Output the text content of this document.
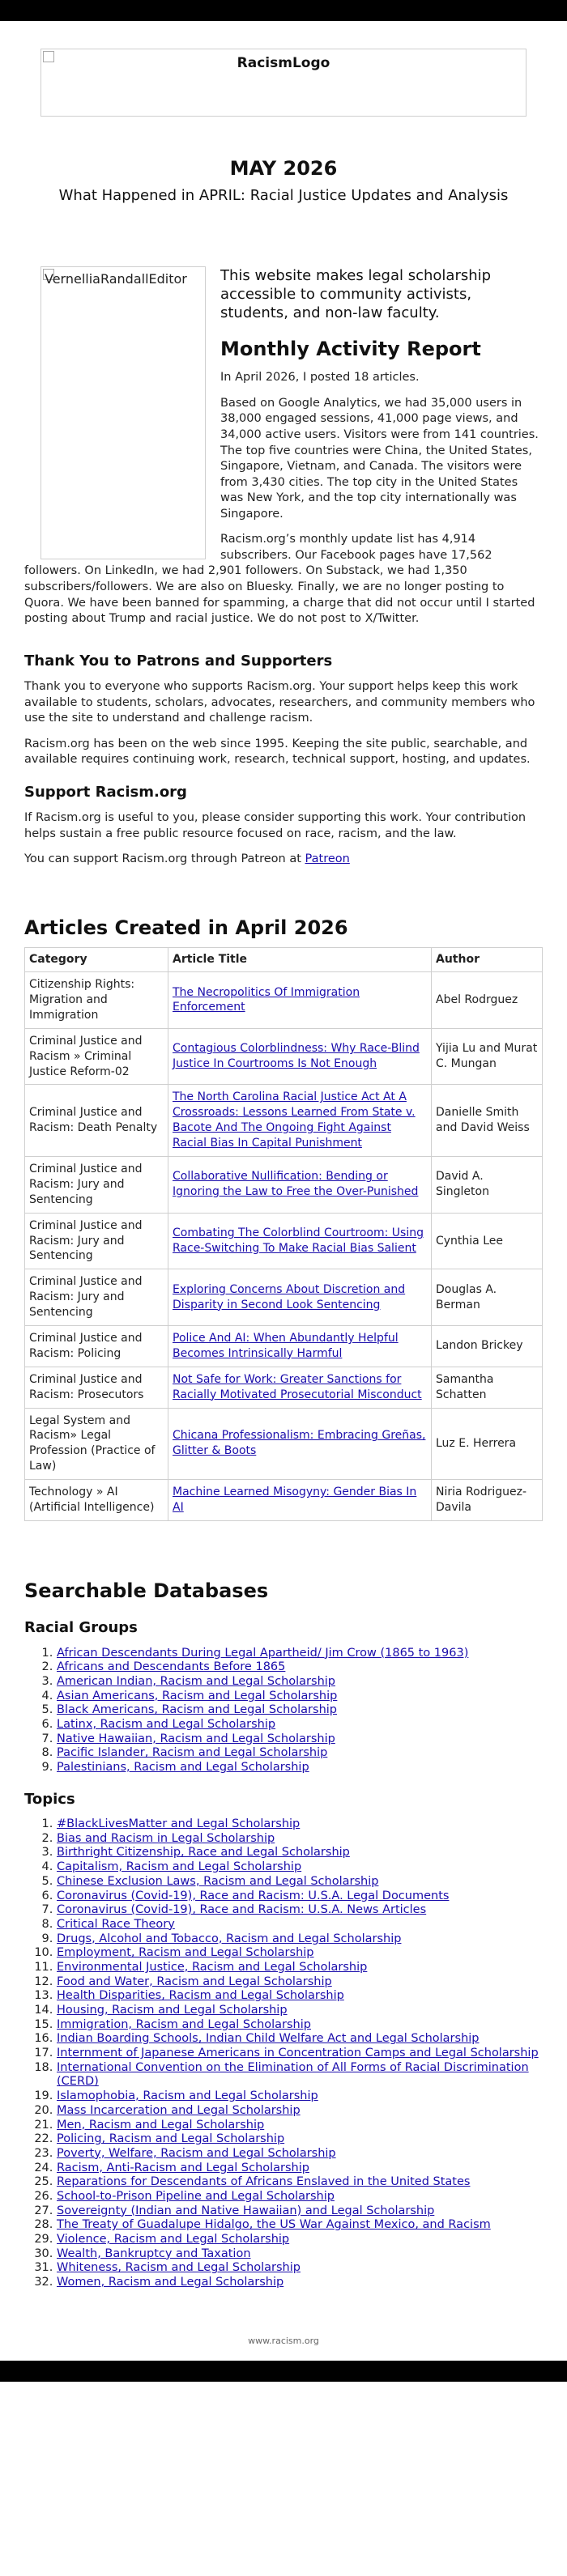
RacismLogo
MAY 2026
What Happened in APRIL: Racial Justice Updates and Analysis
VernelliaRandallEditor	This website makes legal scholarship accessible to community activists, students, and non-law faculty.
Monthly Activity Report

In April 2026, I posted 18 articles.

Based on Google Analytics, we had 35,000 users in 38,000 engaged sessions, 41,000 page views, and 34,000 active users. Visitors were from 141 countries. The top five countries were China, the United States, Singapore, Vietnam, and Canada. The visitors were from 3,430 cities. The top city in the United States was New York, and the top city internationally was Singapore.

Racism.org’s monthly update list has 4,914 subscribers. Our Facebook pages have 17,562 followers. On LinkedIn, we had 2,901 followers. On Substack, we had 1,350 subscribers/followers. We are also on Bluesky. Finally, we are no longer posting to Quora. We have been banned for spamming, a charge that did not occur until I started posting about Trump and racial justice. We do not post to X/Twitter.

Thank You to Patrons and Supporters

Thank you to everyone who supports Racism.org. Your support helps keep this work available to students, scholars, advocates, researchers, and community members who use the site to understand and challenge racism.

Racism.org has been on the web since 1995. Keeping the site public, searchable, and available requires continuing work, research, technical support, hosting, and updates.

Support Racism.org

If Racism.org is useful to you, please consider supporting this work. Your contribution helps sustain a free public resource focused on race, racism, and the law.

You can support Racism.org through Patreon at Patreon

Articles Created in April 2026
Category	Article Title	Author
Citizenship Rights: Migration and Immigration	The Necropolitics Of Immigration Enforcement	Abel Rodrguez
Criminal Justice and Racism » Criminal Justice Reform-02	Contagious Colorblindness: Why Race-Blind Justice In Courtrooms Is Not Enough	Yijia Lu and Murat C. Mungan
Criminal Justice and Racism: Death Penalty	The North Carolina Racial Justice Act At A Crossroads: Lessons Learned From State v. Bacote And The Ongoing Fight Against Racial Bias In Capital Punishment	Danielle Smith and David Weiss
Criminal Justice and Racism: Jury and Sentencing	Collaborative Nullification: Bending or Ignoring the Law to Free the Over-Punished	David A. Singleton
Criminal Justice and Racism: Jury and Sentencing	Combating The Colorblind Courtroom: Using Race-Switching To Make Racial Bias Salient	Cynthia Lee
Criminal Justice and Racism: Jury and Sentencing	Exploring Concerns About Discretion and Disparity in Second Look Sentencing	Douglas A. Berman
Criminal Justice and Racism: Policing	Police And AI: When Abundantly Helpful Becomes Intrinsically Harmful	Landon Brickey
Criminal Justice and Racism: Prosecutors	Not Safe for Work: Greater Sanctions for Racially Motivated Prosecutorial Misconduct	Samantha Schatten
Legal System and Racism» Legal Profession (Practice of Law)	Chicana Professionalism: Embracing Greñas, Glitter & Boots	Luz E. Herrera
Technology » AI (Artificial Intelligence)	Machine Learned Misogyny: Gender Bias In AI	Niria Rodriguez-Davila
Searchable Databases
Racial Groups
1. African Descendants During Legal Apartheid/ Jim Crow (1865 to 1963)
2. Africans and Descendants Before 1865
3. American Indian, Racism and Legal Scholarship
4. Asian Americans, Racism and Legal Scholarship
5. Black Americans, Racism and Legal Scholarship
6. Latinx, Racism and Legal Scholarship
7. Native Hawaiian, Racism and Legal Scholarship
8. Pacific Islander, Racism and Legal Scholarship
9. Palestinians, Racism and Legal Scholarship
Topics
1. #BlackLivesMatter and Legal Scholarship
2. Bias and Racism in Legal Scholarship
3. Birthright Citizenship, Race and Legal Scholarship
4. Capitalism, Racism and Legal Scholarship
5. Chinese Exclusion Laws, Racism and Legal Scholarship
6. Coronavirus (Covid-19), Race and Racism: U.S.A. Legal Documents
7. Coronavirus (Covid-19), Race and Racism: U.S.A. News Articles
8. Critical Race Theory
9. Drugs, Alcohol and Tobacco, Racism and Legal Scholarship
10. Employment, Racism and Legal Scholarship
11. Environmental Justice, Racism and Legal Scholarship
12. Food and Water, Racism and Legal Scholarship
13. Health Disparities, Racism and Legal Scholarship
14. Housing, Racism and Legal Scholarship
15. Immigration, Racism and Legal Scholarship
16. Indian Boarding Schools, Indian Child Welfare Act and Legal Scholarship
17. Internment of Japanese Americans in Concentration Camps and Legal Scholarship
18. International Convention on the Elimination of All Forms of Racial Discrimination (CERD)
19. Islamophobia, Racism and Legal Scholarship
20. Mass Incarceration and Legal Scholarship
21. Men, Racism and Legal Scholarship
22. Policing, Racism and Legal Scholarship
23. Poverty, Welfare, Racism and Legal Scholarship
24. Racism, Anti-Racism and Legal Scholarship
25. Reparations for Descendants of Africans Enslaved in the United States
26. School-to-Prison Pipeline and Legal Scholarship
27. Sovereignty (Indian and Native Hawaiian) and Legal Scholarship
28. The Treaty of Guadalupe Hidalgo, the US War Against Mexico, and Racism
29. Violence, Racism and Legal Scholarship
30. Wealth, Bankruptcy and Taxation
31. Whiteness, Racism and Legal Scholarship
32. Women, Racism and Legal Scholarship
www.racism.org
